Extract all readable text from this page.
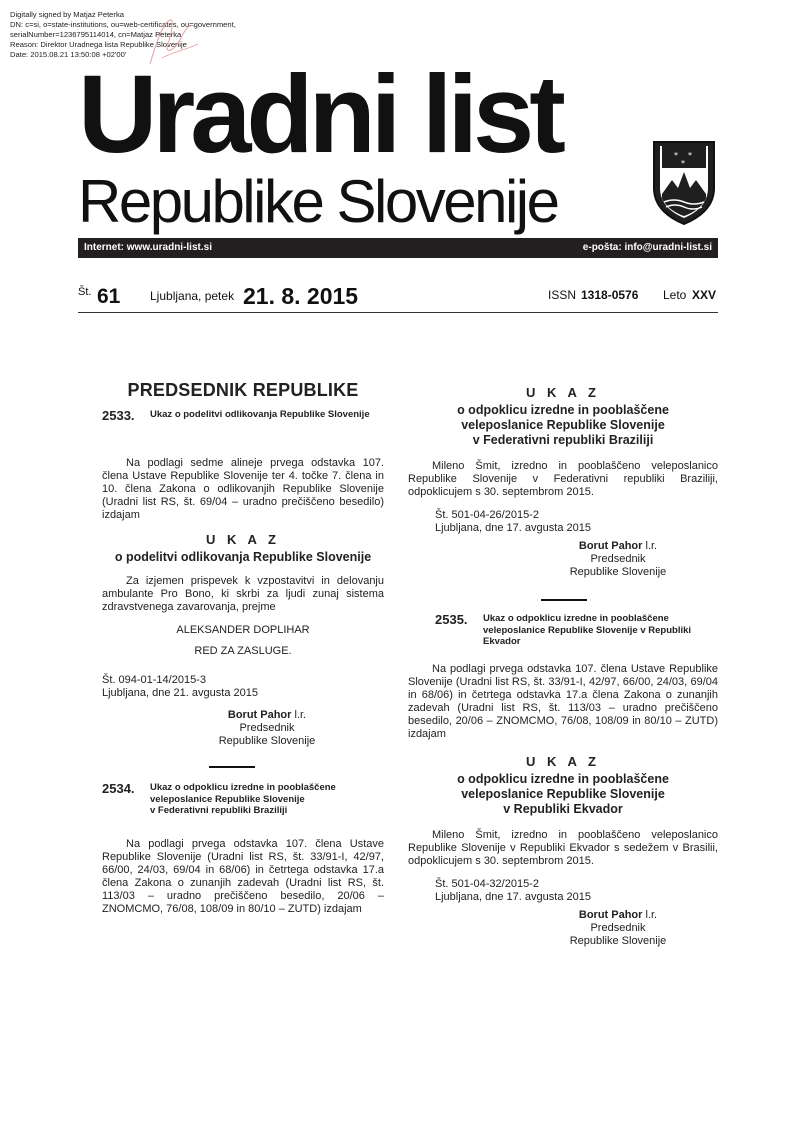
Digitally signed by Matjaz Peterka
DN: c=si, o=state-institutions, ou=web-certificates, ou=government,
serialNumber=1236795114014, cn=Matjaz Peterka
Reason: Direktor Uradnega lista Republike Slovenije
Date: 2015.08.21 13:50:08 +02'00'
Uradni list
Republike Slovenije
* *
*
Internet: www.uradni-list.si	e-pošta: info@uradni-list.si
Št. 61 Ljubljana, petek 21. 8. 2015	ISSN 1318-0576 Leto XXV
PREDSEDNIK REPUBLIKE
2533. Ukaz o podelitvi odlikovanja Republike Slovenije

Na podlagi sedme alineje prvega odstavka 107. člena Ustave Republike Slovenije ter 4. točke 7. člena in 10. člena Zakona o odlikovanjih Republike Slovenije (Uradni list RS, št. 69/04 – uradno prečiščeno besedilo) izdajam

U K A Z
o podelitvi odlikovanja Republike Slovenije

Za izjemen prispevek k vzpostavitvi in delovanju ambulante Pro Bono, ki skrbi za ljudi zunaj sistema zdravstvenega zavarovanja, prejme

ALEKSANDER DOPLIHAR

RED ZA ZASLUGE.

Št. 094-01-14/2015-3

Ljubljana, dne 21. avgusta 2015

Borut Pahor l.r.
Predsednik
Republike Slovenije
2534. Ukaz o odpoklicu izredne in pooblaščene
veleposlanice Republike Slovenije
v Federativni republiki Braziliji

Na podlagi prvega odstavka 107. člena Ustave Republike Slovenije (Uradni list RS, št. 33/91-I, 42/97, 66/00, 24/03, 69/04 in 68/06) in četrtega odstavka 17.a člena Zakona o zunanjih zadevah (Uradni list RS, št. 113/03 – uradno prečiščeno besedilo, 20/06 – ZNOMCMO, 76/08, 108/09 in 80/10 – ZUTD) izdajam

U K A Z
o odpoklicu izredne in pooblaščene
veleposlanice Republike Slovenije
v Federativni republiki Braziliji

Mileno Šmit, izredno in pooblaščeno veleposlanico Republike Slovenije v Federativni republiki Braziliji, odpoklicujem s 30. septembrom 2015.

Št. 501-04-26/2015-2

Ljubljana, dne 17. avgusta 2015

Borut Pahor l.r.
Predsednik
Republike Slovenije
2535. Ukaz o odpoklicu izredne in pooblaščene veleposlanice Republike Slovenije v Republiki Ekvador

Na podlagi prvega odstavka 107. člena Ustave Republike Slovenije (Uradni list RS, št. 33/91-I, 42/97, 66/00, 24/03, 69/04 in 68/06) in četrtega odstavka 17.a člena Zakona o zunanjih zadevah (Uradni list RS, št. 113/03 – uradno prečiščeno besedilo, 20/06 – ZNOMCMO, 76/08, 108/09 in 80/10 – ZUTD) izdajam

U K A Z
o odpoklicu izredne in pooblaščene
veleposlanice Republike Slovenije
v Republiki Ekvador

Mileno Šmit, izredno in pooblaščeno veleposlanico Republike Slovenije v Republiki Ekvador s sedežem v Brasilii, odpoklicujem s 30. septembrom 2015.

Št. 501-04-32/2015-2

Ljubljana, dne 17. avgusta 2015

Borut Pahor l.r.
Predsednik
Republike Slovenije
